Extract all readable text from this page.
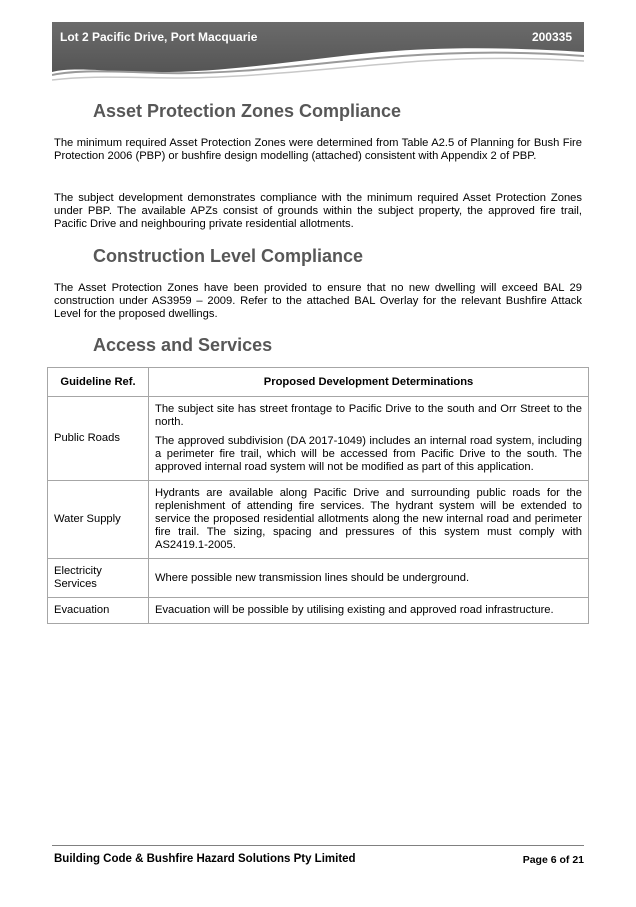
Lot 2 Pacific Drive, Port Macquarie	200335
Asset Protection Zones Compliance

The minimum required Asset Protection Zones were determined from Table A2.5 of Planning for Bush Fire Protection 2006 (PBP) or bushfire design modelling (attached) consistent with Appendix 2 of PBP.

The subject development demonstrates compliance with the minimum required Asset Protection Zones under PBP. The available APZs consist of grounds within the subject property, the approved fire trail, Pacific Drive and neighbouring private residential allotments.

Construction Level Compliance

The Asset Protection Zones have been provided to ensure that no new dwelling will exceed BAL 29 construction under AS3959 – 2009. Refer to the attached BAL Overlay for the relevant Bushfire Attack Level for the proposed dwellings.

Access and Services
Guideline Ref.	Proposed Development Determinations
Public Roads	The subject site has street frontage to Pacific Drive to the south and Orr Street to the north.

The approved subdivision (DA 2017-1049) includes an internal road system, including a perimeter fire trail, which will be accessed from Pacific Drive to the south. The approved internal road system will not be modified as part of this application.

Water Supply	Hydrants are available along Pacific Drive and surrounding public roads for the replenishment of attending fire services. The hydrant system will be extended to service the proposed residential allotments along the new internal road and perimeter fire trail. The sizing, spacing and pressures of this system must comply with AS2419.1-2005.

Electricity Services	Where possible new transmission lines should be underground.

Evacuation	Evacuation will be possible by utilising existing and approved road infrastructure.

Building Code & Bushfire Hazard Solutions Pty Limited	Page 6 of 21
